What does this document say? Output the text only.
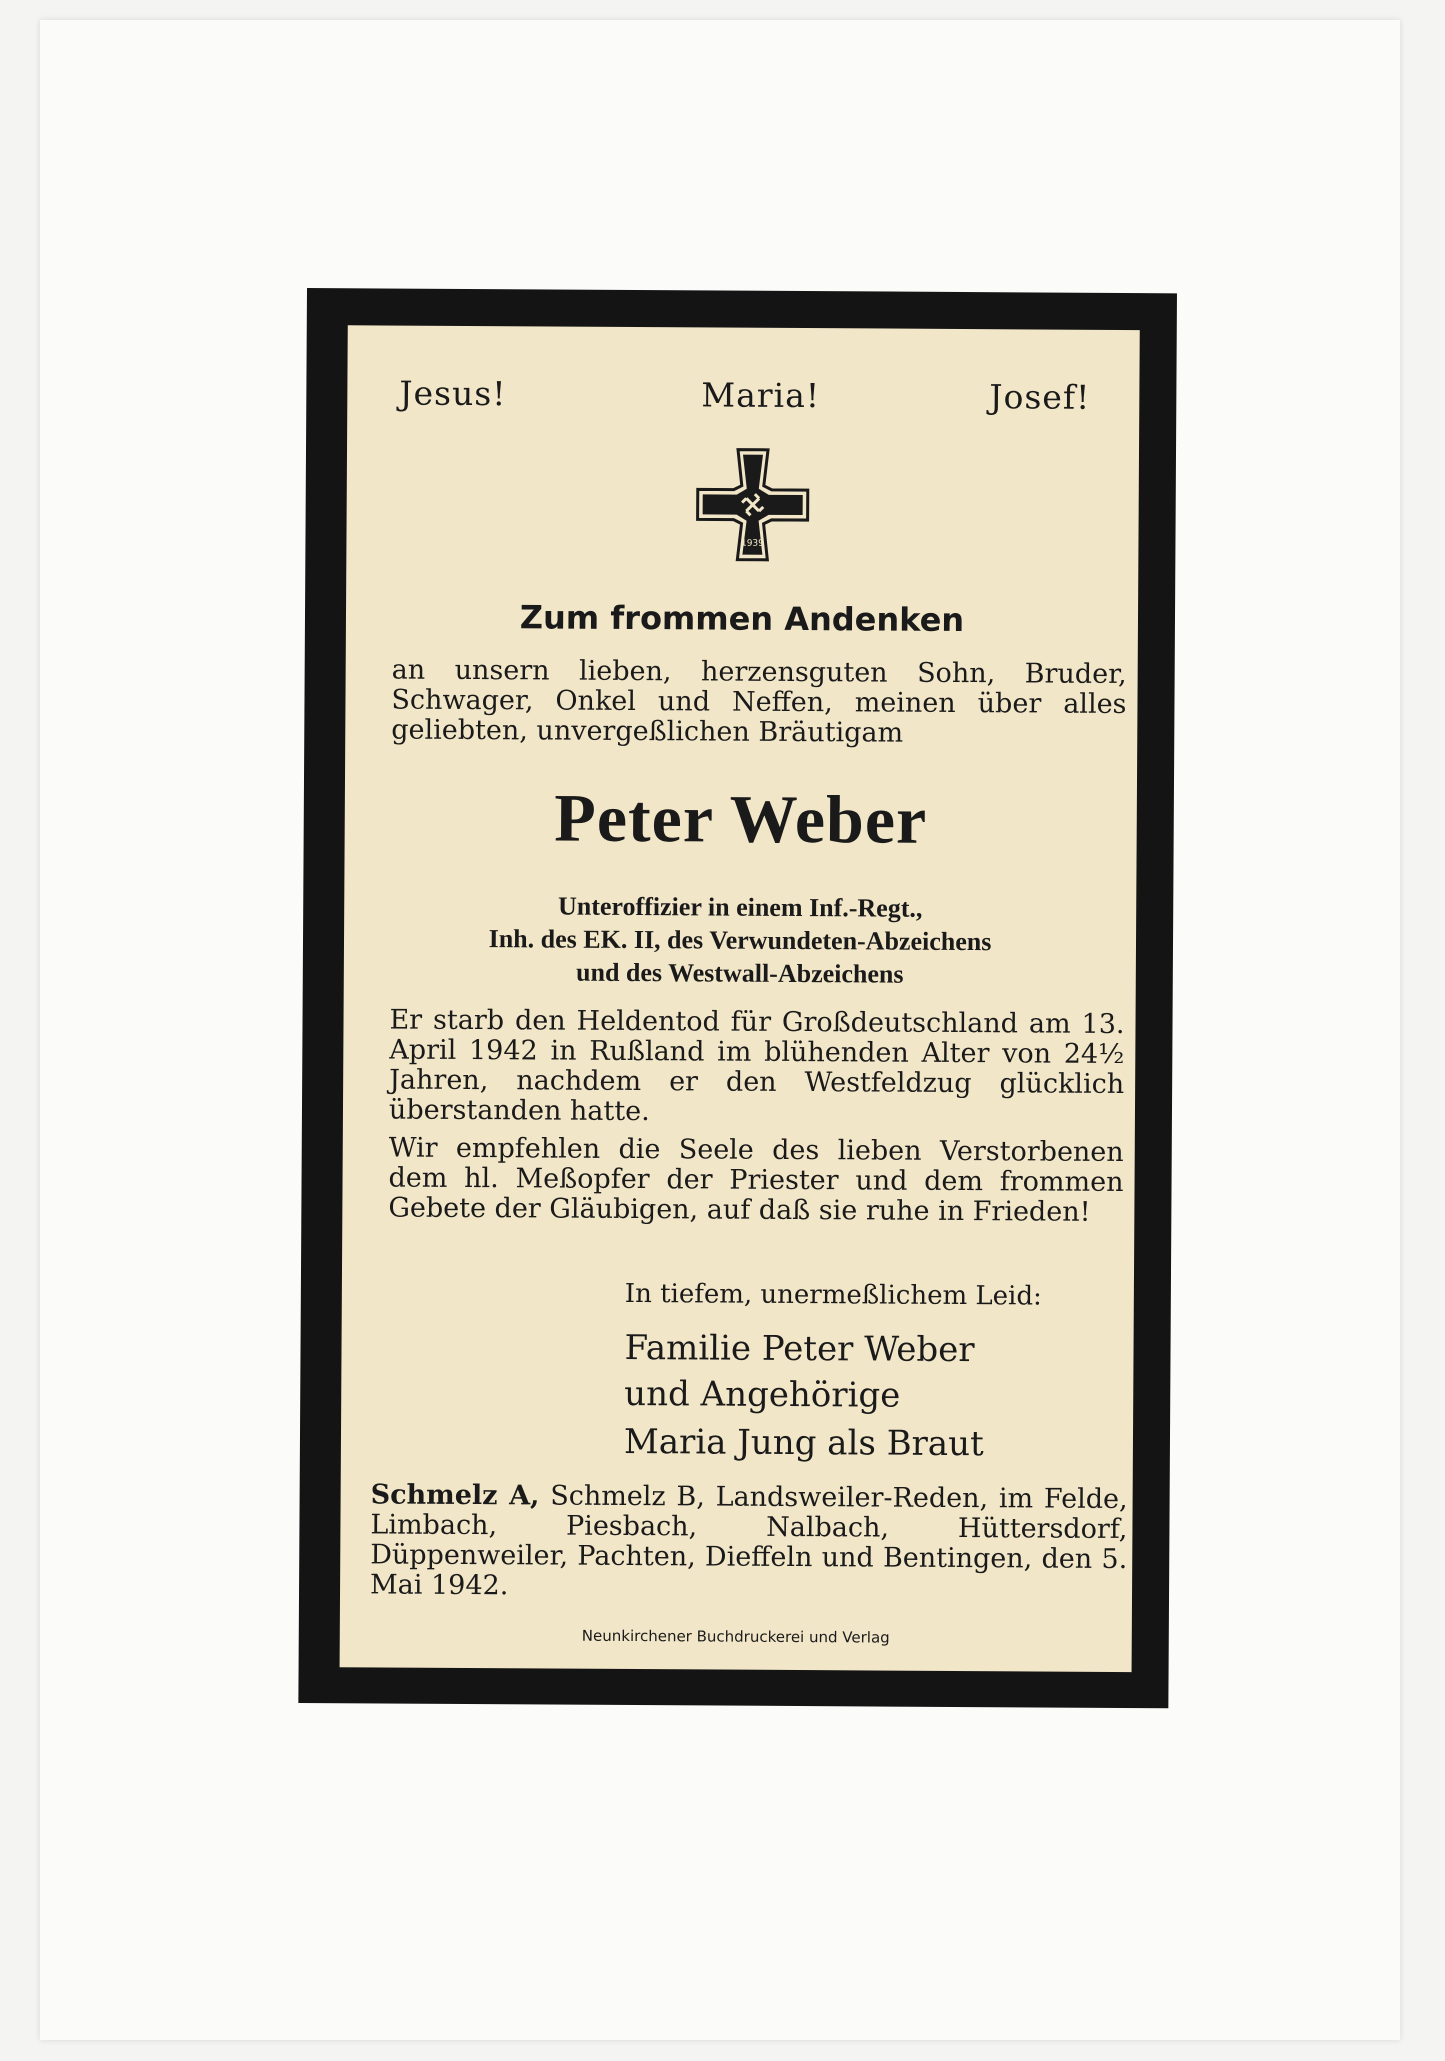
Jesus!	Maria!	Josef!

1939

Zum frommen Andenken

an unsern lieben, herzensguten Sohn, Bruder, Schwager, Onkel und Neffen, meinen über alles geliebten, unvergeßlichen Bräutigam

Peter Weber

Unteroffizier in einem Inf.-Regt.,
Inh. des EK. II, des Verwundeten-Abzeichens
und des Westwall-Abzeichens

Er starb den Heldentod für Großdeutschland am 13. April 1942 in Rußland im blühenden Alter von 24½ Jahren, nachdem er den Westfeldzug glücklich überstanden hatte.

Wir empfehlen die Seele des lieben Verstorbenen dem hl. Meßopfer der Priester und dem frommen Gebete der Gläubigen, auf daß sie ruhe in Frieden!

In tiefem, unermeßlichem Leid:

Familie Peter Weber

und Angehörige

Maria Jung als Braut

Schmelz A, Schmelz B, Landsweiler-Reden, im Felde, Limbach, Piesbach, Nalbach, Hüttersdorf, Düppenweiler, Pachten, Dieffeln und Bentingen, den 5. Mai 1942.

Neunkirchener Buchdruckerei und Verlag
